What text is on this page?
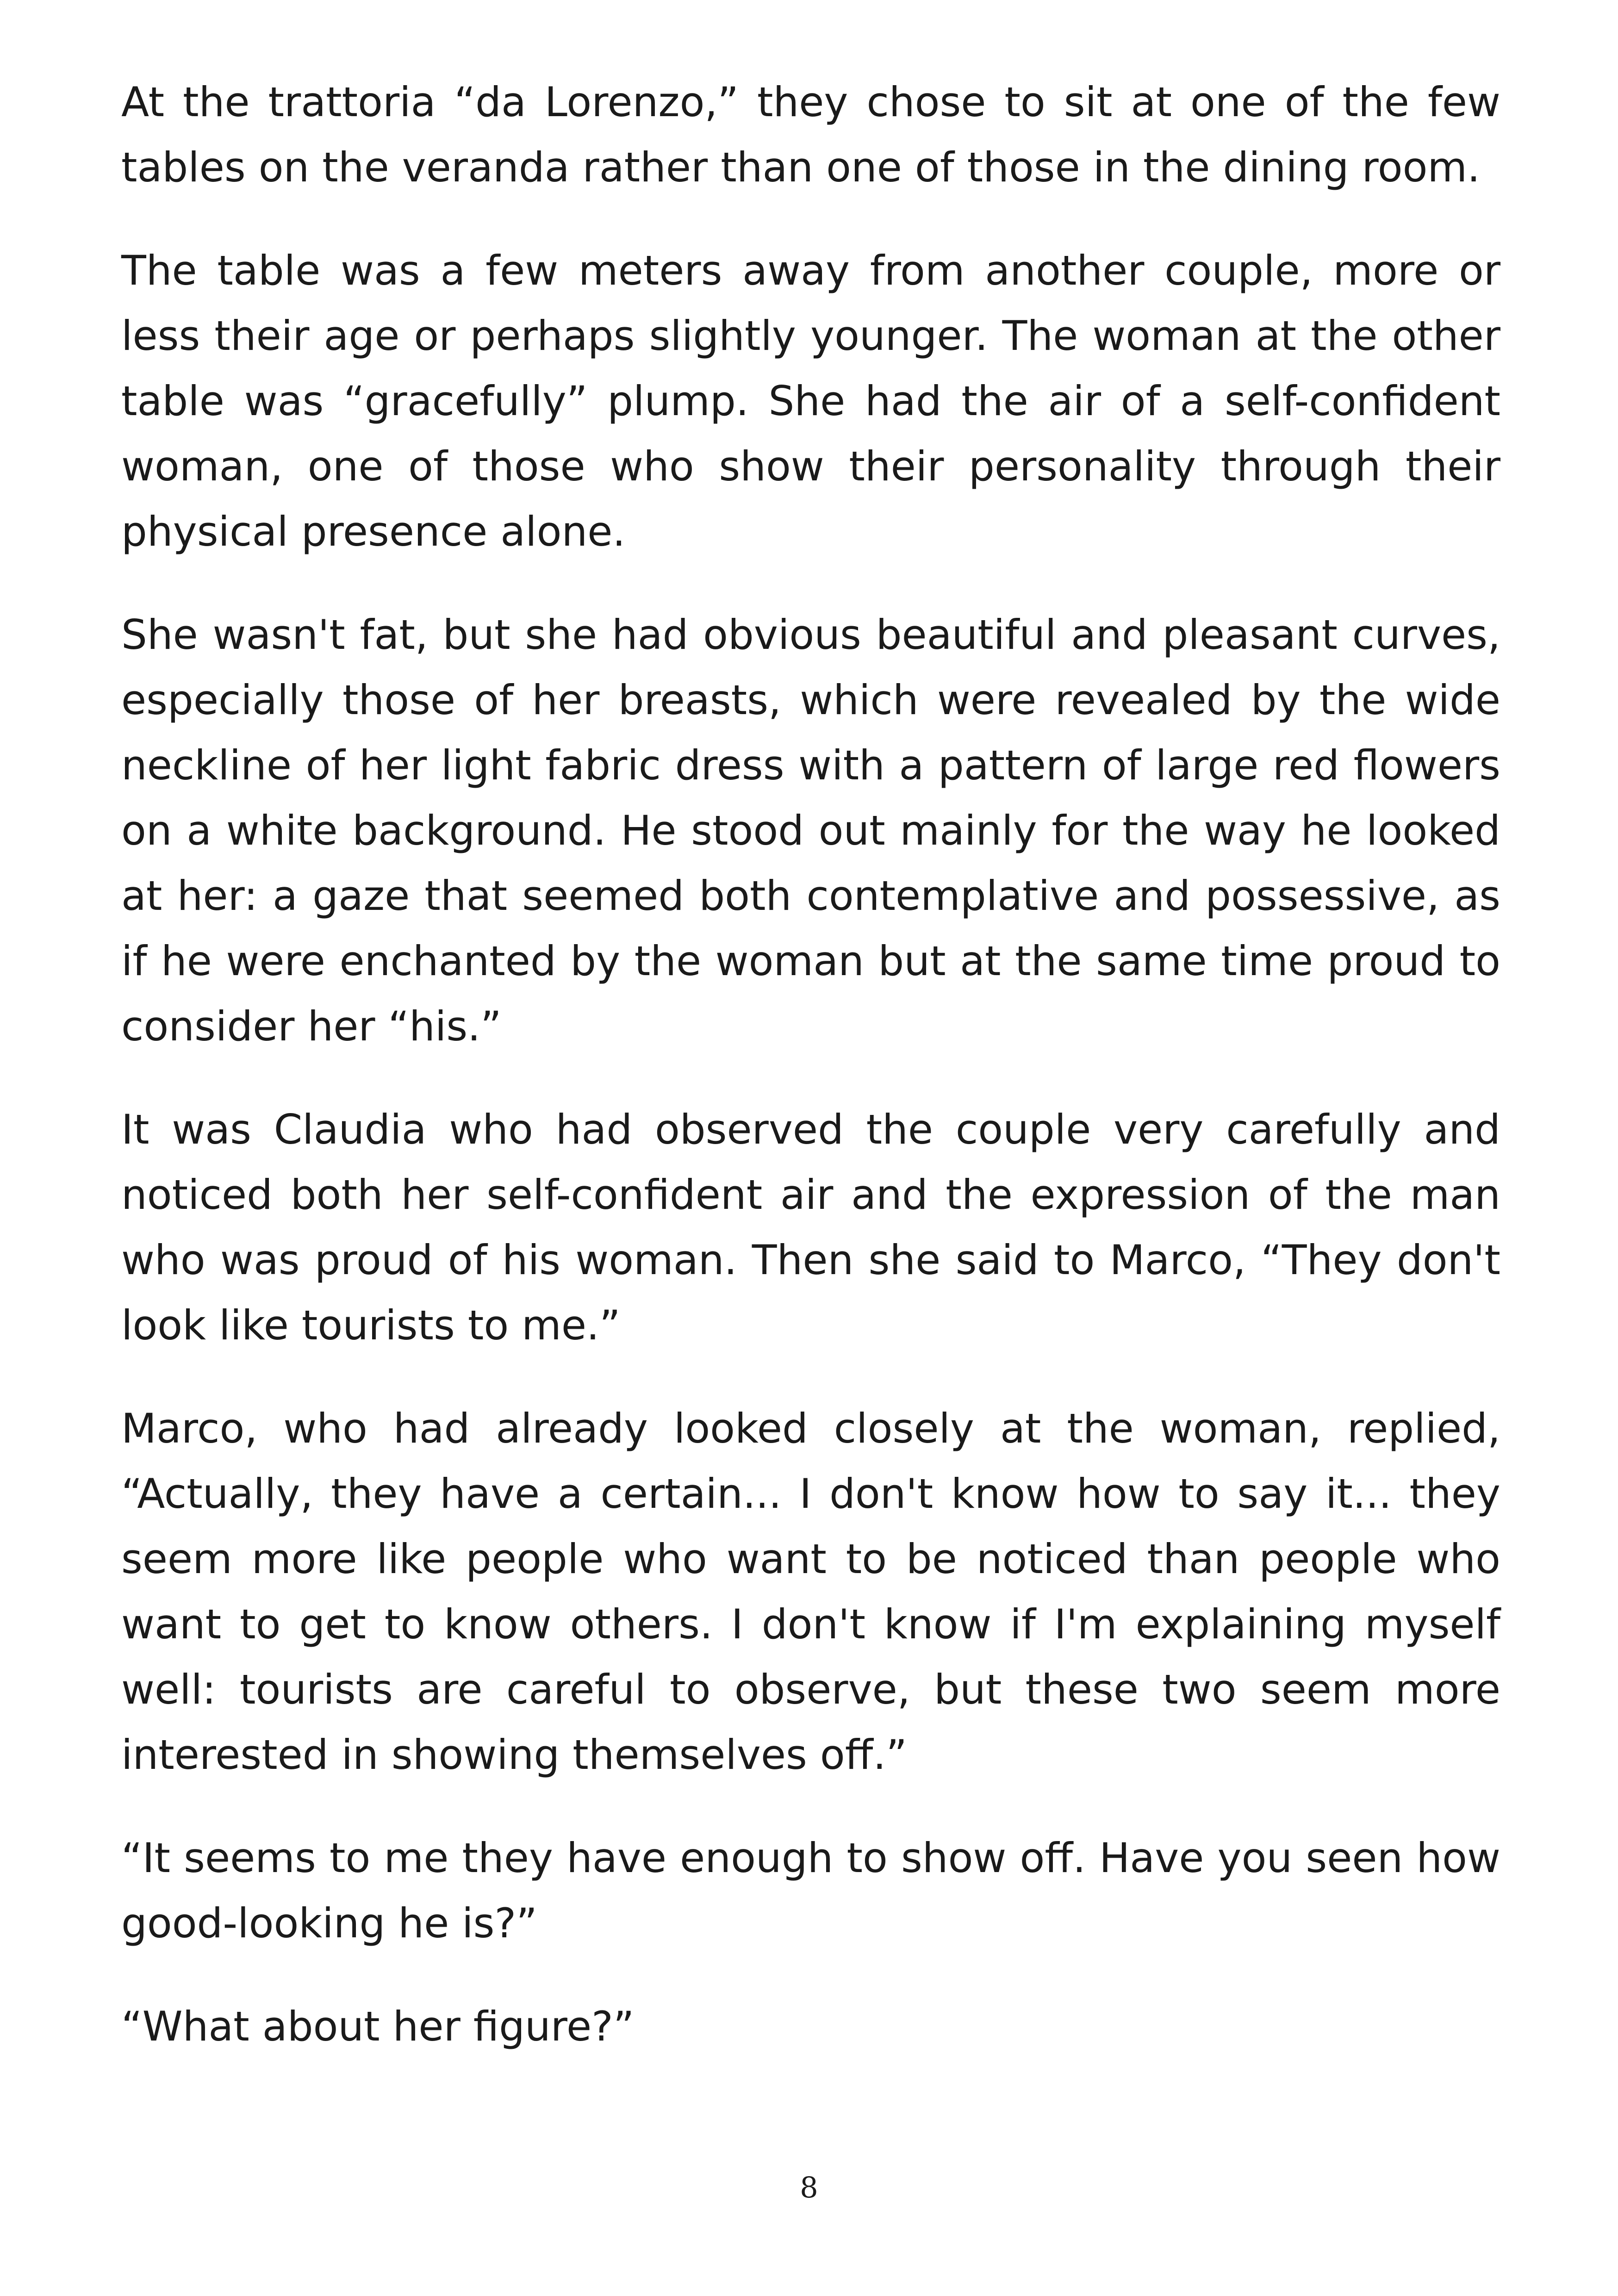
At the trattoria “da Lorenzo,” they chose to sit at one of the few tables on the veranda rather than one of those in the dining room.

The table was a few meters away from another couple, more or less their age or perhaps slightly younger. The woman at the other table was “gracefully” plump. She had the air of a self-confident woman, one of those who show their personality through their physical presence alone.

She wasn't fat, but she had obvious beautiful and pleasant curves, especially those of her breasts, which were revealed by the wide neckline of her light fabric dress with a pattern of large red flowers on a white background. He stood out mainly for the way he looked at her: a gaze that seemed both contemplative and possessive, as if he were enchanted by the woman but at the same time proud to consider her “his.”

It was Claudia who had observed the couple very carefully and noticed both her self-confident air and the expression of the man who was proud of his woman. Then she said to Marco, “They don't look like tourists to me.”

Marco, who had already looked closely at the woman, replied, “Actually, they have a certain... I don't know how to say it... they seem more like people who want to be noticed than people who want to get to know others. I don't know if I'm explaining myself well: tourists are careful to observe, but these two seem more interested in showing themselves off.”

“It seems to me they have enough to show off. Have you seen how good-looking he is?”

“What about her figure?”

8
